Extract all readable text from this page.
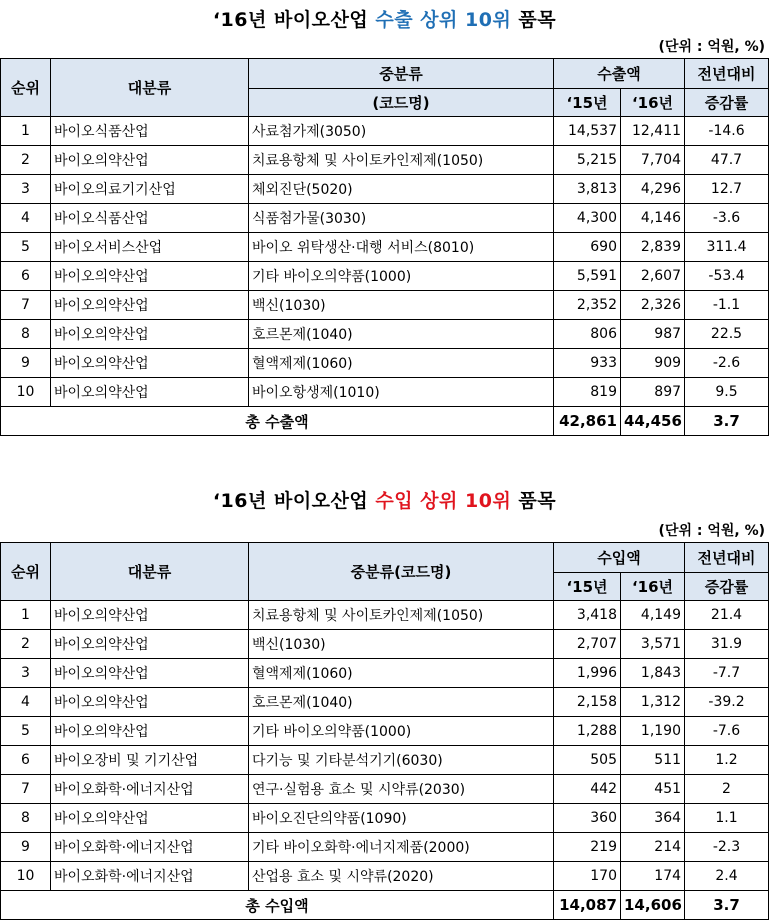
‘16년 바이오산업 수출 상위 10위 품목
(단위 : 억원, %)
순위	대분류	중분류	수출액		전년대비
		(코드명)	‘15년	‘16년	증감률
1	바이오식품산업	사료첨가제(3050)	14,537	12,411	-14.6
2	바이오의약산업	치료용항체 및 사이토카인제제(1050)	5,215	7,704	47.7
3	바이오의료기기산업	체외진단(5020)	3,813	4,296	12.7
4	바이오식품산업	식품첨가물(3030)	4,300	4,146	-3.6
5	바이오서비스산업	바이오 위탁생산·대행 서비스(8010)	690	2,839	311.4
6	바이오의약산업	기타 바이오의약품(1000)	5,591	2,607	-53.4
7	바이오의약산업	백신(1030)	2,352	2,326	-1.1
8	바이오의약산업	호르몬제(1040)	806	987	22.5
9	바이오의약산업	혈액제제(1060)	933	909	-2.6
10	바이오의약산업	바이오항생제(1010)	819	897	9.5
총 수출액			42,861	44,456	3.7
‘16년 바이오산업 수입 상위 10위 품목
(단위 : 억원, %)
순위	대분류	중분류(코드명)	수입액		전년대비
			‘15년	‘16년	증감률
1	바이오의약산업	치료용항체 및 사이토카인제제(1050)	3,418	4,149	21.4
2	바이오의약산업	백신(1030)	2,707	3,571	31.9
3	바이오의약산업	혈액제제(1060)	1,996	1,843	-7.7
4	바이오의약산업	호르몬제(1040)	2,158	1,312	-39.2
5	바이오의약산업	기타 바이오의약품(1000)	1,288	1,190	-7.6
6	바이오장비 및 기기산업	다기능 및 기타분석기기(6030)	505	511	1.2
7	바이오화학·에너지산업	연구·실험용 효소 및 시약류(2030)	442	451	2
8	바이오의약산업	바이오진단의약품(1090)	360	364	1.1
9	바이오화학·에너지산업	기타 바이오화학·에너지제품(2000)	219	214	-2.3
10	바이오화학·에너지산업	산업용 효소 및 시약류(2020)	170	174	2.4
총 수입액			14,087	14,606	3.7
